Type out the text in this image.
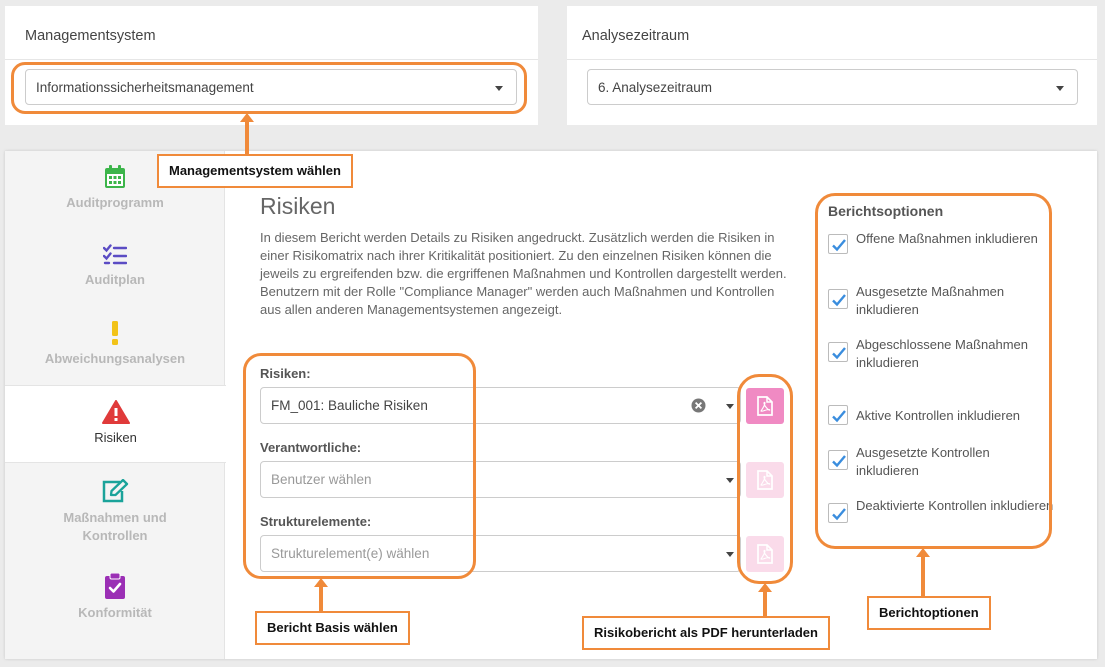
Managementsystem
Informationssicherheitsmanagement
Analysezeitraum
6. Analysezeitraum
Auditprogramm
Auditplan
Abweichungsanalysen
Risiken
Maßnahmen und Kontrollen
Konformität
Risiken
In diesem Bericht werden Details zu Risiken angedruckt. Zusätzlich werden die Risiken in einer Risikomatrix nach ihrer Kritikalität positioniert. Zu den einzelnen Risiken können die jeweils zu ergreifenden bzw. die ergriffenen Maßnahmen und Kontrollen dargestellt werden.
Benutzern mit der Rolle "Compliance Manager" werden auch Maßnahmen und Kontrollen aus allen anderen Managementsystemen angezeigt.
Risiken:
FM_001: Bauliche Risiken
Verantwortliche:
Benutzer wählen
Strukturelemente:
Strukturelement(e) wählen
Berichtsoptionen
Offene Maßnahmen inkludieren
Ausgesetzte Maßnahmen inkludieren
Abgeschlossene Maßnahmen inkludieren
Aktive Kontrollen inkludieren
Ausgesetzte Kontrollen inkludieren
Deaktivierte Kontrollen inkludieren
Managementsystem wählen
Bericht Basis wählen	Risikobericht als PDF herunterladen
Berichtoptionen
